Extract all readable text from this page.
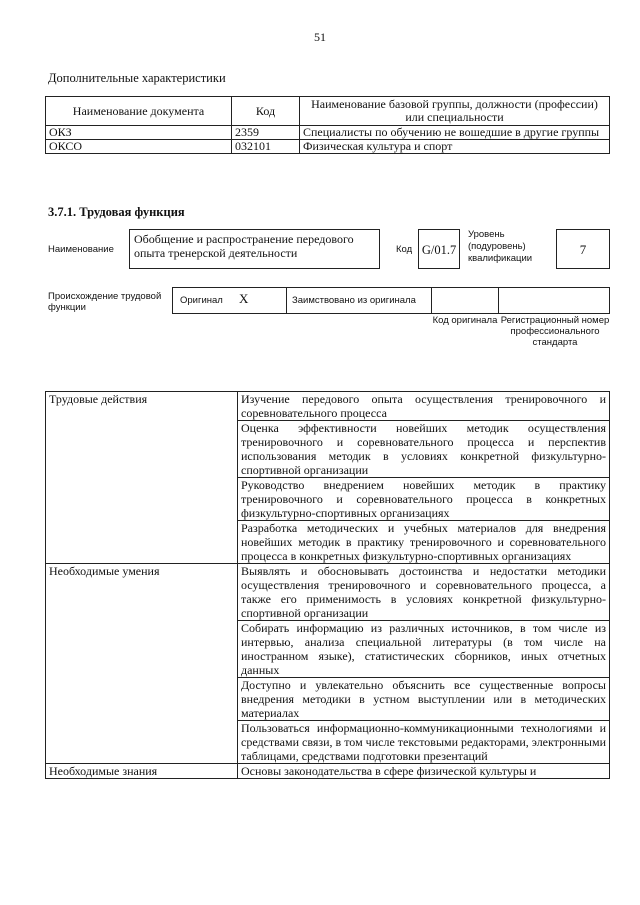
51
Дополнительные характеристики
Наименование документа	Код	Наименование базовой группы, должности (профессии) или специальности
ОКЗ	2359	Специалисты по обучению не вошедшие в другие группы
ОКСО	032101	Физическая культура и спорт
3.7.1. Трудовая функция
Наименование
Обобщение и распространение передового опыта тренерской деятельности	Код G/01.7
Уровень (подуровень) квалификации
7
Происхождение трудовой функции
Оригинал X	Заимствовано из оригинала
Код оригинала Регистрационный номер профессионального стандарта
Трудовые действия	Изучение передового опыта осуществления тренировочного и соревновательного процесса
	Оценка эффективности новейших методик осуществления тренировочного и соревновательного процесса и перспектив использования методик в условиях конкретной физкультурно-спортивной организации
	Руководство внедрением новейших методик в практику тренировочного и соревновательного процесса в конкретных физкультурно-спортивных организациях
	Разработка методических и учебных материалов для внедрения новейших методик в практику тренировочного и соревновательного процесса в конкретных физкультурно-спортивных организациях
Необходимые умения	Выявлять и обосновывать достоинства и недостатки методики осуществления тренировочного и соревновательного процесса, а также его применимость в условиях конкретной физкультурно-спортивной организации
	Собирать информацию из различных источников, в том числе из интервью, анализа специальной литературы (в том числе на иностранном языке), статистических сборников, иных отчетных данных
	Доступно и увлекательно объяснить все существенные вопросы внедрения методики в устном выступлении или в методических материалах
	Пользоваться информационно-коммуникационными технологиями и средствами связи, в том числе текстовыми редакторами, электронными таблицами, средствами подготовки презентаций
Необходимые знания	Основы законодательства в сфере физической культуры и
